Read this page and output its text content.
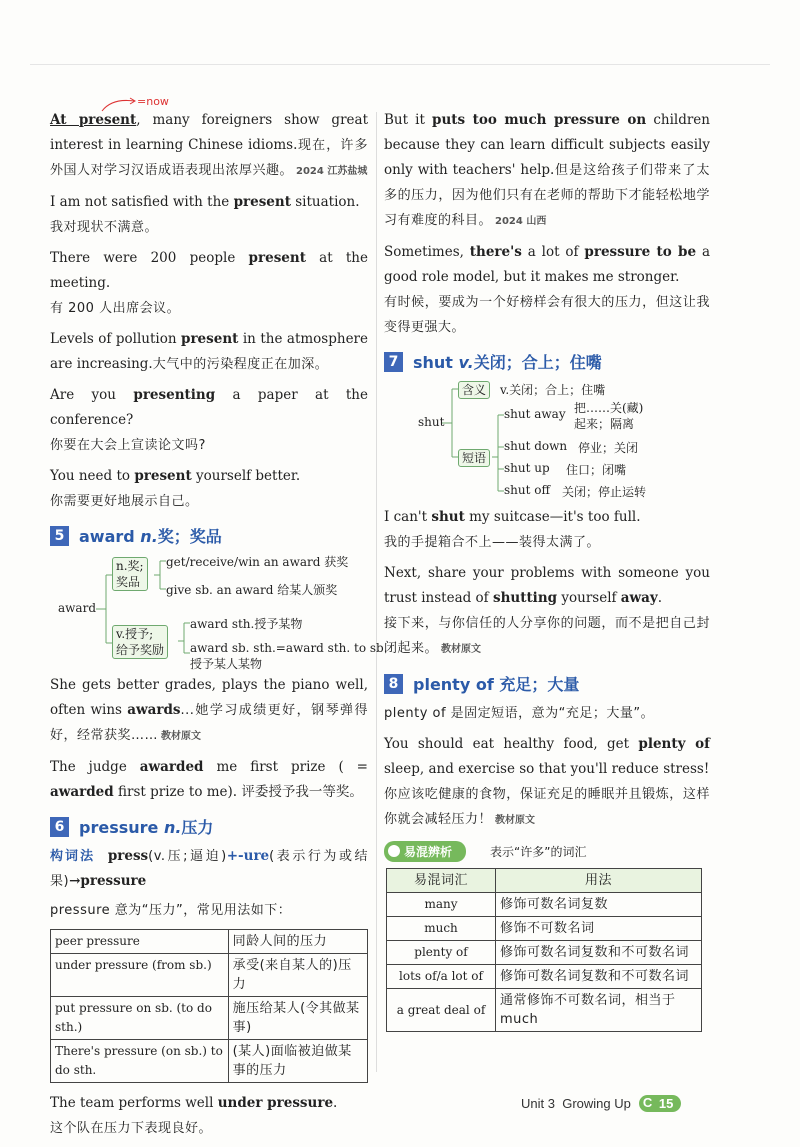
=now

At present, many foreigners show great interest in learning Chinese idioms.现在，许多外国人对学习汉语成语表现出浓厚兴趣。 2024 江苏盐城

I am not satisfied with the present situation.
我对现状不满意。

There were 200 people present at the meeting.
有 200 人出席会议。

Levels of pollution present in the atmosphere are increasing.大气中的污染程度正在加深。

Are you presenting a paper at the conference?
你要在大会上宣读论文吗?

You need to present yourself better.
你需要更好地展示自己。

5 award n.奖；奖品
award
n.奖;
奖品
get/receive/win an award 获奖
give sb. an award 给某人颁奖
v.授予;
给予奖励
award sth.授予某物
award sb. sth.=award sth. to sb.
授予某人某物

She gets better grades, plays the piano well, often wins awards...她学习成绩更好，钢琴弹得好，经常获奖…… 教材原文

The judge awarded me first prize ( = awarded first prize to me). 评委授予我一等奖。

6 pressure n.压力

构词法 press(v.压;逼迫)+-ure(表示行为或结果)→pressure

pressure 意为“压力”，常见用法如下：

peer pressure	同龄人间的压力
under pressure (from sb.)	承受(来自某人的)压力
put pressure on sb. (to do sth.)	施压给某人(令其做某事)
There's pressure (on sb.) to do sth.	(某人)面临被迫做某事的压力

The team performs well under pressure.
这个队在压力下表现良好。

But it puts too much pressure on children because they can learn difficult subjects easily only with teachers' help.但是这给孩子们带来了太多的压力，因为他们只有在老师的帮助下才能轻松地学习有难度的科目。 2024 山西

Sometimes, there's a lot of pressure to be a good role model, but it makes me stronger.
有时候，要成为一个好榜样会有很大的压力，但这让我变得更强大。

7 shut v.关闭；合上；住嘴
shut
含义	v.关闭；合上；住嘴
短语
shut away 把……关(藏)
起来；隔离
shut down 停业；关闭
shut up 住口；闭嘴
shut off 关闭；停止运转

I can't shut my suitcase—it's too full.
我的手提箱合不上——装得太满了。

Next, share your problems with someone you trust instead of shutting yourself away.
接下来，与你信任的人分享你的问题，而不是把自己封闭起来。 教材原文

8 plenty of 充足；大量

plenty of 是固定短语，意为“充足；大量”。

You should eat healthy food, get plenty of sleep, and exercise so that you'll reduce stress!
你应该吃健康的食物，保证充足的睡眠并且锻炼，这样你就会减轻压力！ 教材原文

易混辨析	表示“许多”的词汇
易混词汇	用法
many	修饰可数名词复数
much	修饰不可数名词
plenty of	修饰可数名词复数和不可数名词
lots of/a lot of	修饰可数名词复数和不可数名词
a great deal of	通常修饰不可数名词，相当于 much
Unit 3
Growing Up	C 15
